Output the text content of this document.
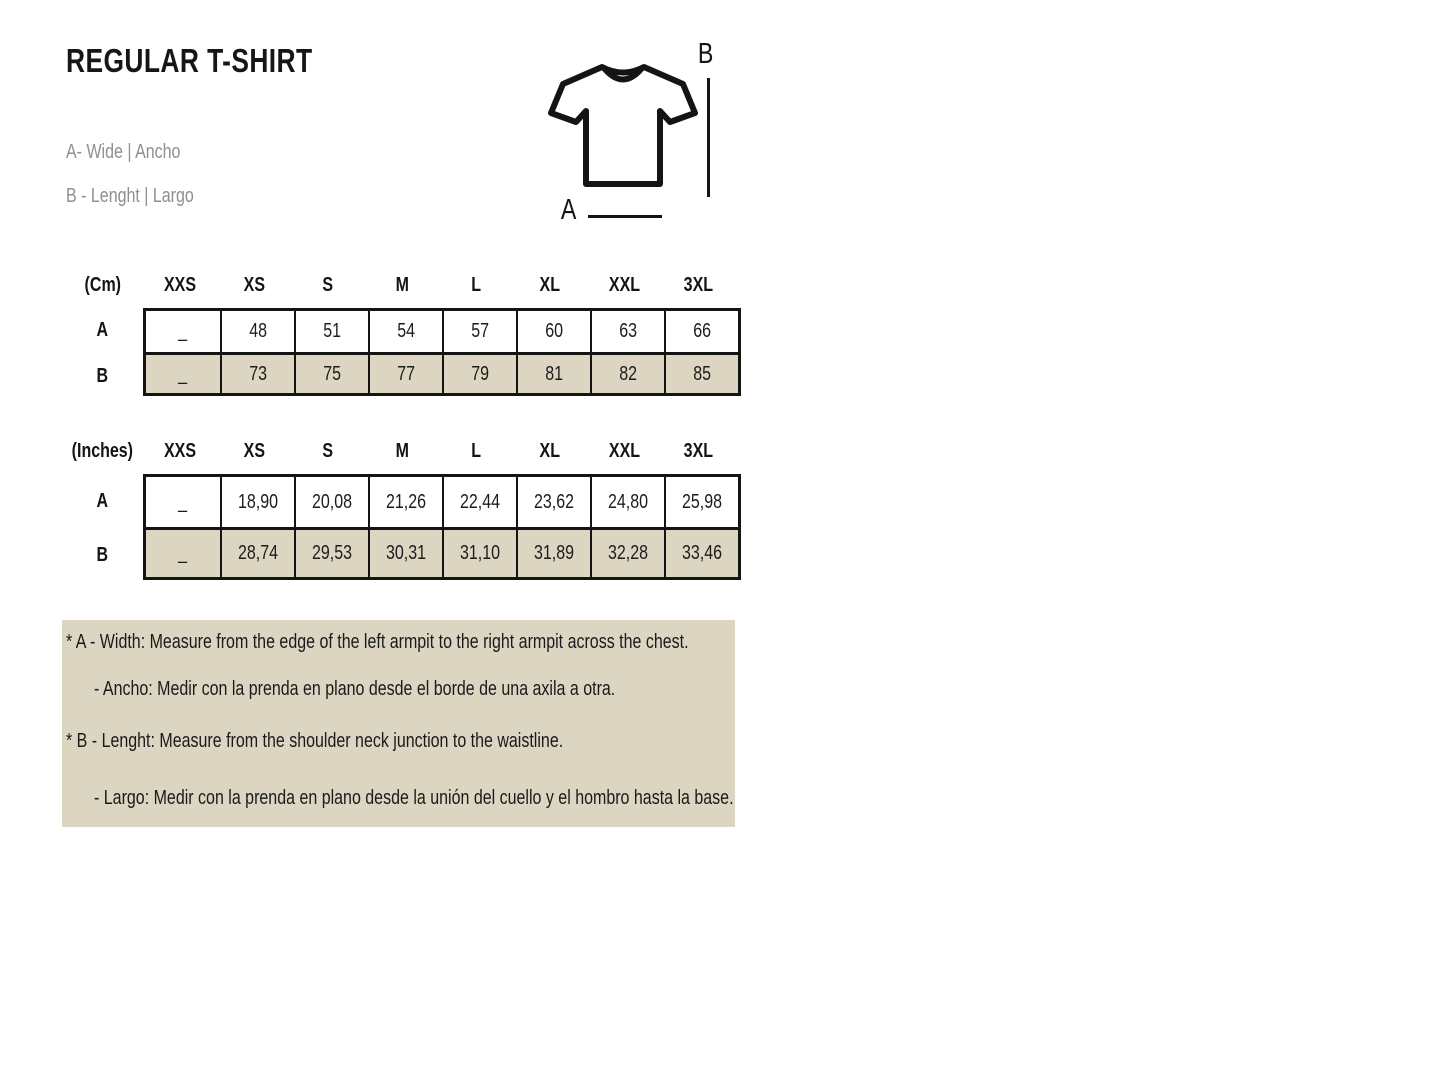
REGULAR T-SHIRT
A- Wide | Ancho
B - Lenght | Largo
B
A
(Cm)	XXS	XS	S	M	L	XL	XXL	3XL
A
B
_	48	51	54	57	60	63	66
_	73	75	77	79	81	82	85
(Inches)	XXS	XS	S	M	L	XL	XXL	3XL
A
B
_	18,90 20,08 21,26 22,44 23,62 24,80 25,98
_	28,74 29,53 30,31 31,10 31,89 32,28 33,46
* A - Width: Measure from the edge of the left armpit to the right armpit across the chest.
- Ancho: Medir con la prenda en plano desde el borde de una axila a otra.
* B - Lenght: Measure from the shoulder neck junction to the waistline.
- Largo: Medir con la prenda en plano desde la unión del cuello y el hombro hasta la base.
